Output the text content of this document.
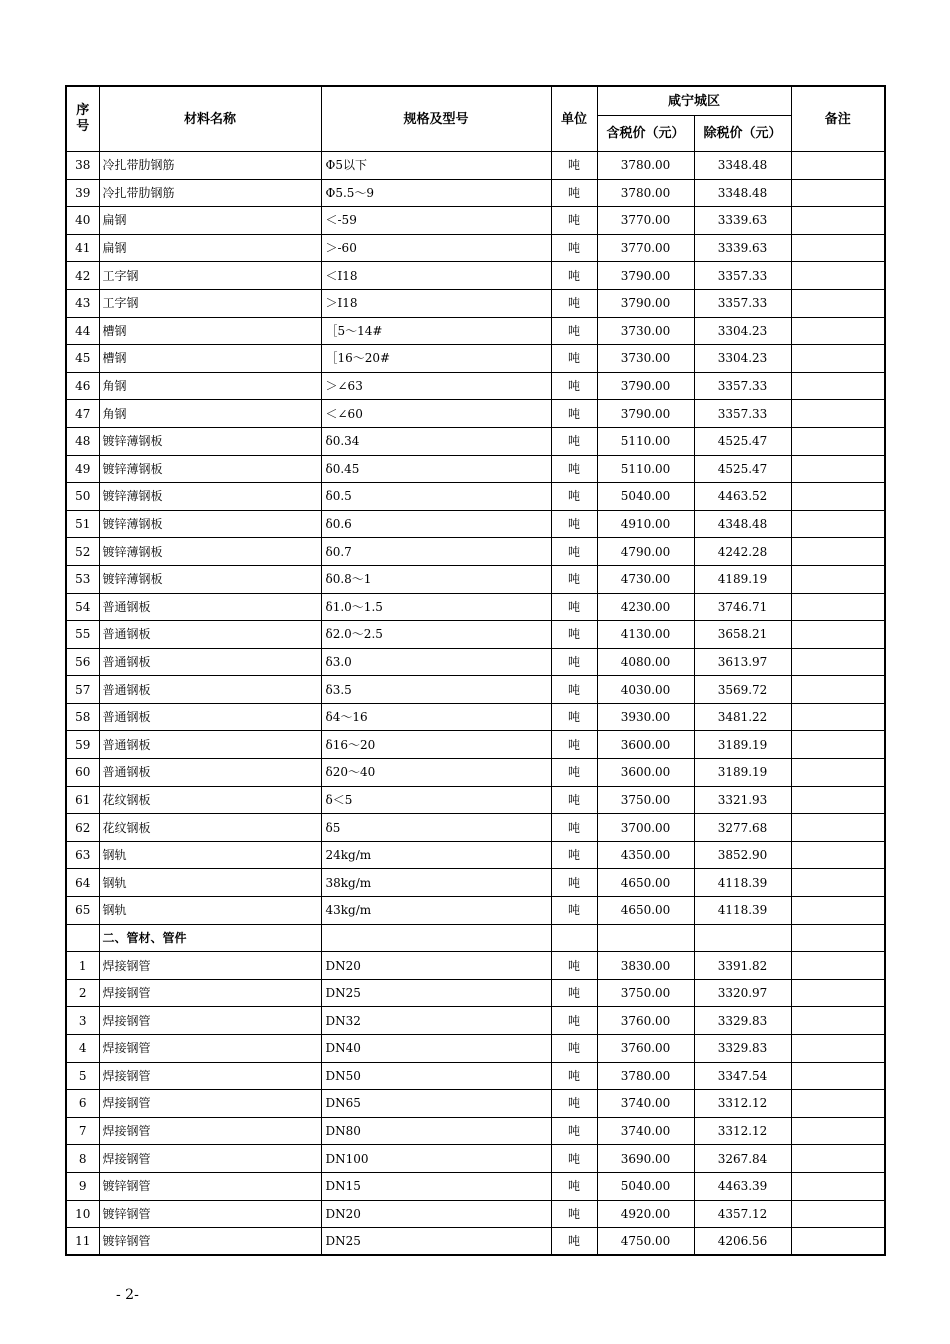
序号	材料名称	规格及型号	单位	咸宁城区		备注
				含税价（元）	除税价（元）	
38	冷扎带肋钢筋	Φ5以下	吨	3780.00	3348.48	
39	冷扎带肋钢筋	Φ5.5～9	吨	3780.00	3348.48	
40	扁钢	＜-59	吨	3770.00	3339.63	
41	扁钢	＞-60	吨	3770.00	3339.63	
42	工字钢	＜Ⅰ18	吨	3790.00	3357.33	
43	工字钢	＞Ⅰ18	吨	3790.00	3357.33	
44	槽钢	［5～14#	吨	3730.00	3304.23	
45	槽钢	［16～20#	吨	3730.00	3304.23	
46	角钢	＞∠63	吨	3790.00	3357.33	
47	角钢	＜∠60	吨	3790.00	3357.33	
48	镀锌薄钢板	δ0.34	吨	5110.00	4525.47	
49	镀锌薄钢板	δ0.45	吨	5110.00	4525.47	
50	镀锌薄钢板	δ0.5	吨	5040.00	4463.52	
51	镀锌薄钢板	δ0.6	吨	4910.00	4348.48	
52	镀锌薄钢板	δ0.7	吨	4790.00	4242.28	
53	镀锌薄钢板	δ0.8～1	吨	4730.00	4189.19	
54	普通钢板	δ1.0～1.5	吨	4230.00	3746.71	
55	普通钢板	δ2.0～2.5	吨	4130.00	3658.21	
56	普通钢板	δ3.0	吨	4080.00	3613.97	
57	普通钢板	δ3.5	吨	4030.00	3569.72	
58	普通钢板	δ4～16	吨	3930.00	3481.22	
59	普通钢板	δ16～20	吨	3600.00	3189.19	
60	普通钢板	δ20～40	吨	3600.00	3189.19	
61	花纹钢板	δ＜5	吨	3750.00	3321.93	
62	花纹钢板	δ5	吨	3700.00	3277.68	
63	钢轨	24kg/m	吨	4350.00	3852.90	
64	钢轨	38kg/m	吨	4650.00	4118.39	
65	钢轨	43kg/m	吨	4650.00	4118.39	
	二、管材、管件					
1	焊接钢管	DN20	吨	3830.00	3391.82	
2	焊接钢管	DN25	吨	3750.00	3320.97	
3	焊接钢管	DN32	吨	3760.00	3329.83	
4	焊接钢管	DN40	吨	3760.00	3329.83	
5	焊接钢管	DN50	吨	3780.00	3347.54	
6	焊接钢管	DN65	吨	3740.00	3312.12	
7	焊接钢管	DN80	吨	3740.00	3312.12	
8	焊接钢管	DN100	吨	3690.00	3267.84	
9	镀锌钢管	DN15	吨	5040.00	4463.39	
10	镀锌钢管	DN20	吨	4920.00	4357.12	
11	镀锌钢管	DN25	吨	4750.00	4206.56	
- 2-
